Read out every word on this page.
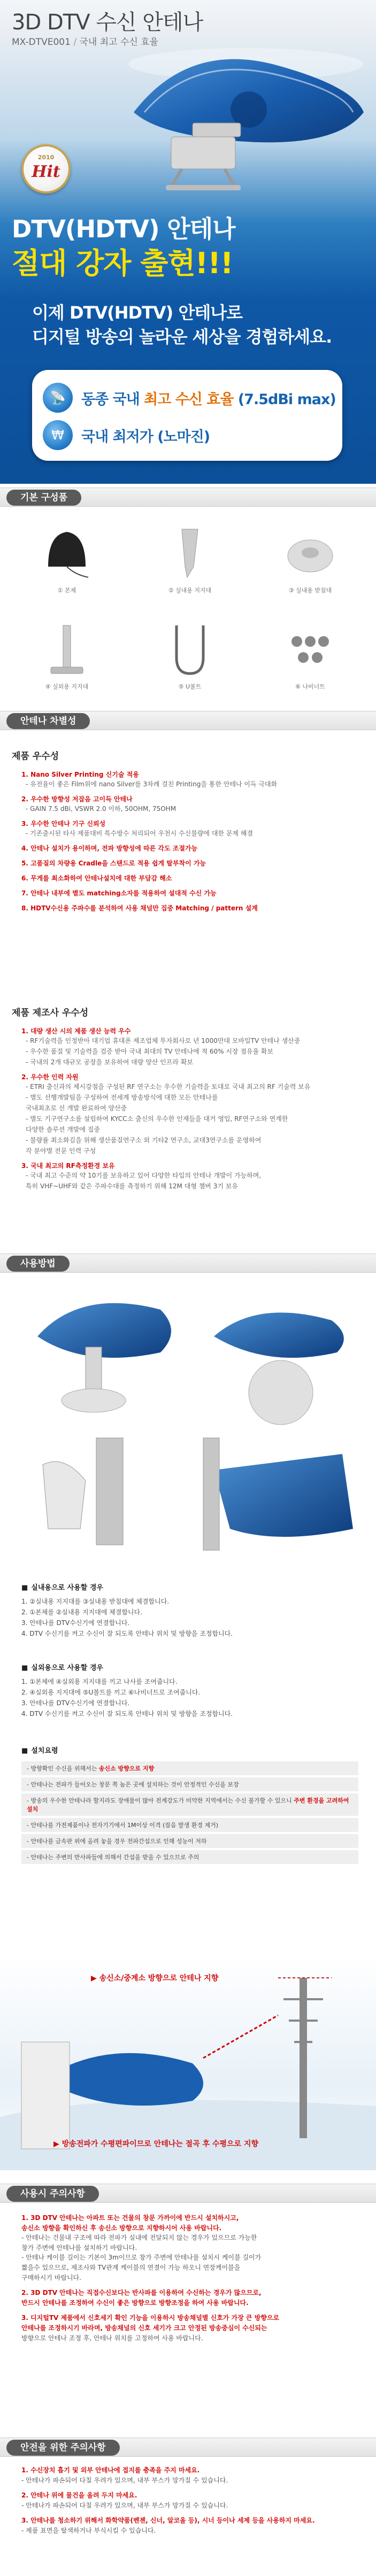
3D DTV 수신 안테나
MX-DTVE001 / 국내 최고 수신 효율
2010
Hit
DTV(HDTV) 안테나
절대 강자 출현!!!
이제 DTV(HDTV) 안테나로
디지털 방송의 놀라운 세상을 경험하세요.
📡	동종 국내 최고 수신 효율 (7.5dBi max)
₩	국내 최저가 (노마진)
기본 구성품
① 본체	② 실내용 지지대	③ 실내용 받침대
④ 실외용 지지대	⑤ U볼트	⑥ 나비너트
안테나 차별성
제품 우수성
1. Nano Silver Printing 신기술 적용
- 유전율이 좋은 Film위에 nano Silver를 3차례 걸친 Printing을 통한 안테나 이득 극대화
2. 우수한 방향성 저잡음 고이득 안테나
- GAIN 7.5 dBi, VSWR 2.0 이하, 50OHM, 75OHM
3. 우수한 안테나 기구 신뢰성
- 기존출시된 타사 제품대비 특수방수 처리되어 우천시 수신불량에 대한 문제 해결
4. 안테나 설치가 용이하며, 전파 방향성에 따른 각도 조절가능
5. 고품질의 차량용 Cradle을 스탠드로 적용 쉽게 탈부착이 가능
6. 무게를 최소화하여 안테나설치에 대한 부담감 해소
7. 안테나 내부에 별도 matching소자를 적용하여 설대적 수신 가능
8. HDTV수신용 주파수를 분석하여 사용 채널만 집중 Matching / pattern 설계
제품 제조사 우수성
1. 대량 생산 시의 제품 생산 능력 우수
- RF기술력을 인정받아 대기업 휴대폰 제조업체 투자회사로 년 1000만대 모바일TV 안테나 생산중
- 우수한 품질 및 기술력을 검증 받아 국내 최대의 TV 안테나에 적 60% 시장 점유율 확보
- 국내의 2개 대규모 공장을 보유하여 대량 양산 인프라 확보
2. 우수한 인력 자원
- ETRI 출신과의 제시강점을 구성된 RF 연구소는 우수한 기술력을 토대로 국내 최고의 RF 기술력 보유
- 별도 선행개발팀을 구성하여 전세계 방송방식에 대한 모든 안테나를
국내최초로 선 개발 완료하여 양산중
- 별도 기구연구소를 설립하여 KYCC소 출신의 우수한 인재들을 대거 영입, RF연구소와 연계한
다양한 솔루션 개발에 집중
- 불량률 최소화김을 위해 생산품질연구소 외 기타2 연구소, 교대3연구소를 운영하여
각 분야별 전문 인력 구성
3. 국내 최고의 RF측정환경 보유
- 국내 최고 수준의 약 10기를 보유하고 있어 다양한 타입의 안테나 개발이 가능하며,
특히 VHF~UHF와 같은 주파수대를 측정하기 위해 12M 대형 챔버 3기 보유
사용방법
■ 실내용으로 사용할 경우
1. ②실내용 지지대를 ③실내용 받침대에 체결합니다.
2. ①본체를 ②실내용 지지대에 체결합니다.
3. 안테나를 DTV수신기에 연결합니다.
4. DTV 수신기를 켜고 수신이 잘 되도록 안테나 위치 및 방향을 조정합니다.
■ 실외용으로 사용할 경우
1. ①본체에 ④실외용 지지대를 끼고 나사를 조여줍니다.
2. ④실외용 지지대에 ⑤U볼트를 끼고 ⑥나비너트로 조여줍니다.
3. 안테나를 DTV수신기에 연결합니다.
4. DTV 수신기를 켜고 수신이 잘 되도록 안테나 위치 및 방향을 조정합니다.
■ 설치요령
- 방향확인 수신을 위해서는 송신소 방향으로 지향
- 안테나는 전파가 들어오는 창문 쪽 높은 곳에 설치하는 것이 안정적인 수신을 보장
- 방송의 우수한 안테나라 할지라도 장애물이 많아 전계강도가 미약한 지역에서는 수신 불가할 수 있으니 주변 환경을 고려하여 설치
- 안테나를 가전제품이나 전자기기에서 1M이상 이격 (잡음 발생 환경 제거)
- 안테나를 금속판 위에 올려 놓을 경우 전파간섭으로 인해 성능이 저하
- 안테나는 주변의 반사파들에 의해서 간섭을 받을 수 있으므로 주의
▶ 송신소/중계소 방향으로 안테나 지향
▶ 방송전파가 수평편파이므로 안테나는 절곡 후 수평으로 지향
사용시 주의사항
1. 3D DTV 안테나는 아파트 또는 건물의 창문 가까이에 반드시 설치하시고,
송신소 방향을 확인하신 후 송신소 방향으로 지향하시어 사용 바랍니다.
- 안테나는 건물내 구조에 따라 전파가 실내에 전달되지 않는 경우가 있으므로 가능한
창가 주변에 안테나를 설치하기 바랍니다.
- 안테나 케이블 길이는 기본이 3m이므로 창가 주변에 안테나를 설치시 케이블 길이가
짧을수 있으므로, 제조사와 TV관계 케이블의 연결이 가능 하오니 연장케이블을
구매하시기 바랍니다.
2. 3D DTV 안테나는 직접수신보다는 반사파를 이용하여 수신하는 경우가 많으므로,
반드시 안테나를 조정하여 수신이 좋은 방향으로 방향조정을 하여 사용 바랍니다.
3. 디지털TV 제품에서 신호세기 확인 기능을 이용하시 방송채널별 신호가 가장 큰 방향으로
안테나를 조정하시기 바라며, 방송채널의 신호 세기가 크고 안정된 방송중심이 수신되는
방향으로 안테나 조정 후, 안테나 위치를 고정하여 사용 바랍니다.
안전을 위한 주의사항
1. 수신장치 흡기 및 외부 안테나에 접지를 충족을 주지 마세요.
- 안테나가 파손되어 다칠 우려가 있으며, 내부 부스가 망가질 수 있습니다.
2. 안테나 위에 물건을 올려 두지 마세요.
- 안테나가 파손되어 다칠 우려가 있으며, 내부 부스가 망가질 수 있습니다.
3. 안테나를 청소하기 위해서 화학약품(벤젠, 신너, 알코올 등), 시너 등이나 세제 등을 사용하지 마세요.
- 제품 표면을 탈색하거나 부식시킬 수 있습니다.
